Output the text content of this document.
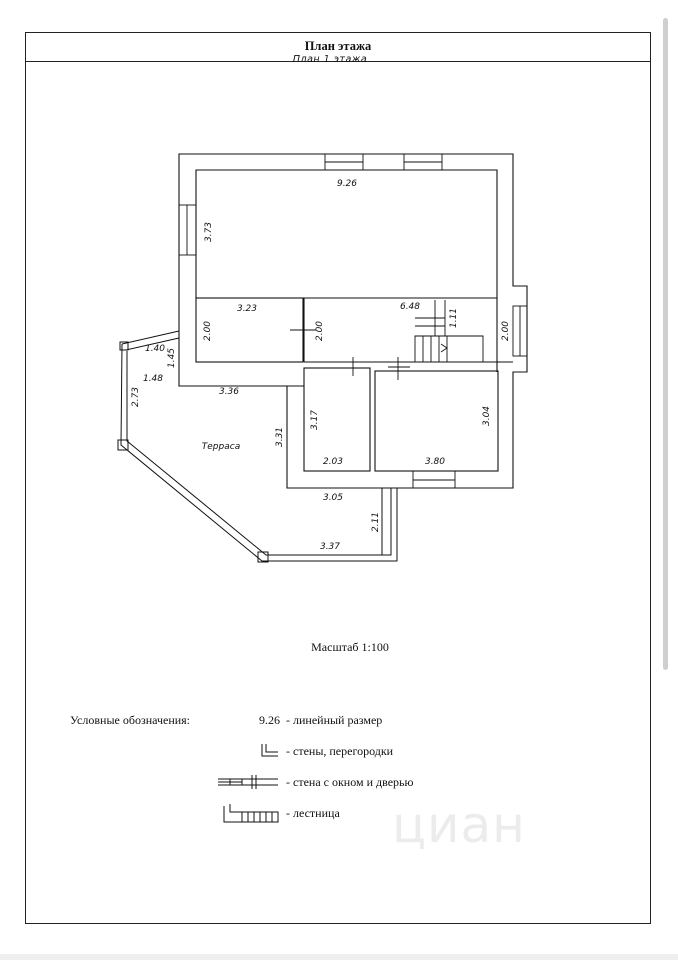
План этажа
План 1 этажа
9.26
3.73
3.23
2.00	2.00
6.48
1.11
2.00
1.40 1.45
1.48
2.73	3.36
3.31
3.17	3.04
2.03	3.80
3.05
2.11
3.37
Терраса
Масштаб 1:100
Условные обозначения:	9.26 - линейный размер
- стены, перегородки
- стена с окном и дверью
- лестница циан
